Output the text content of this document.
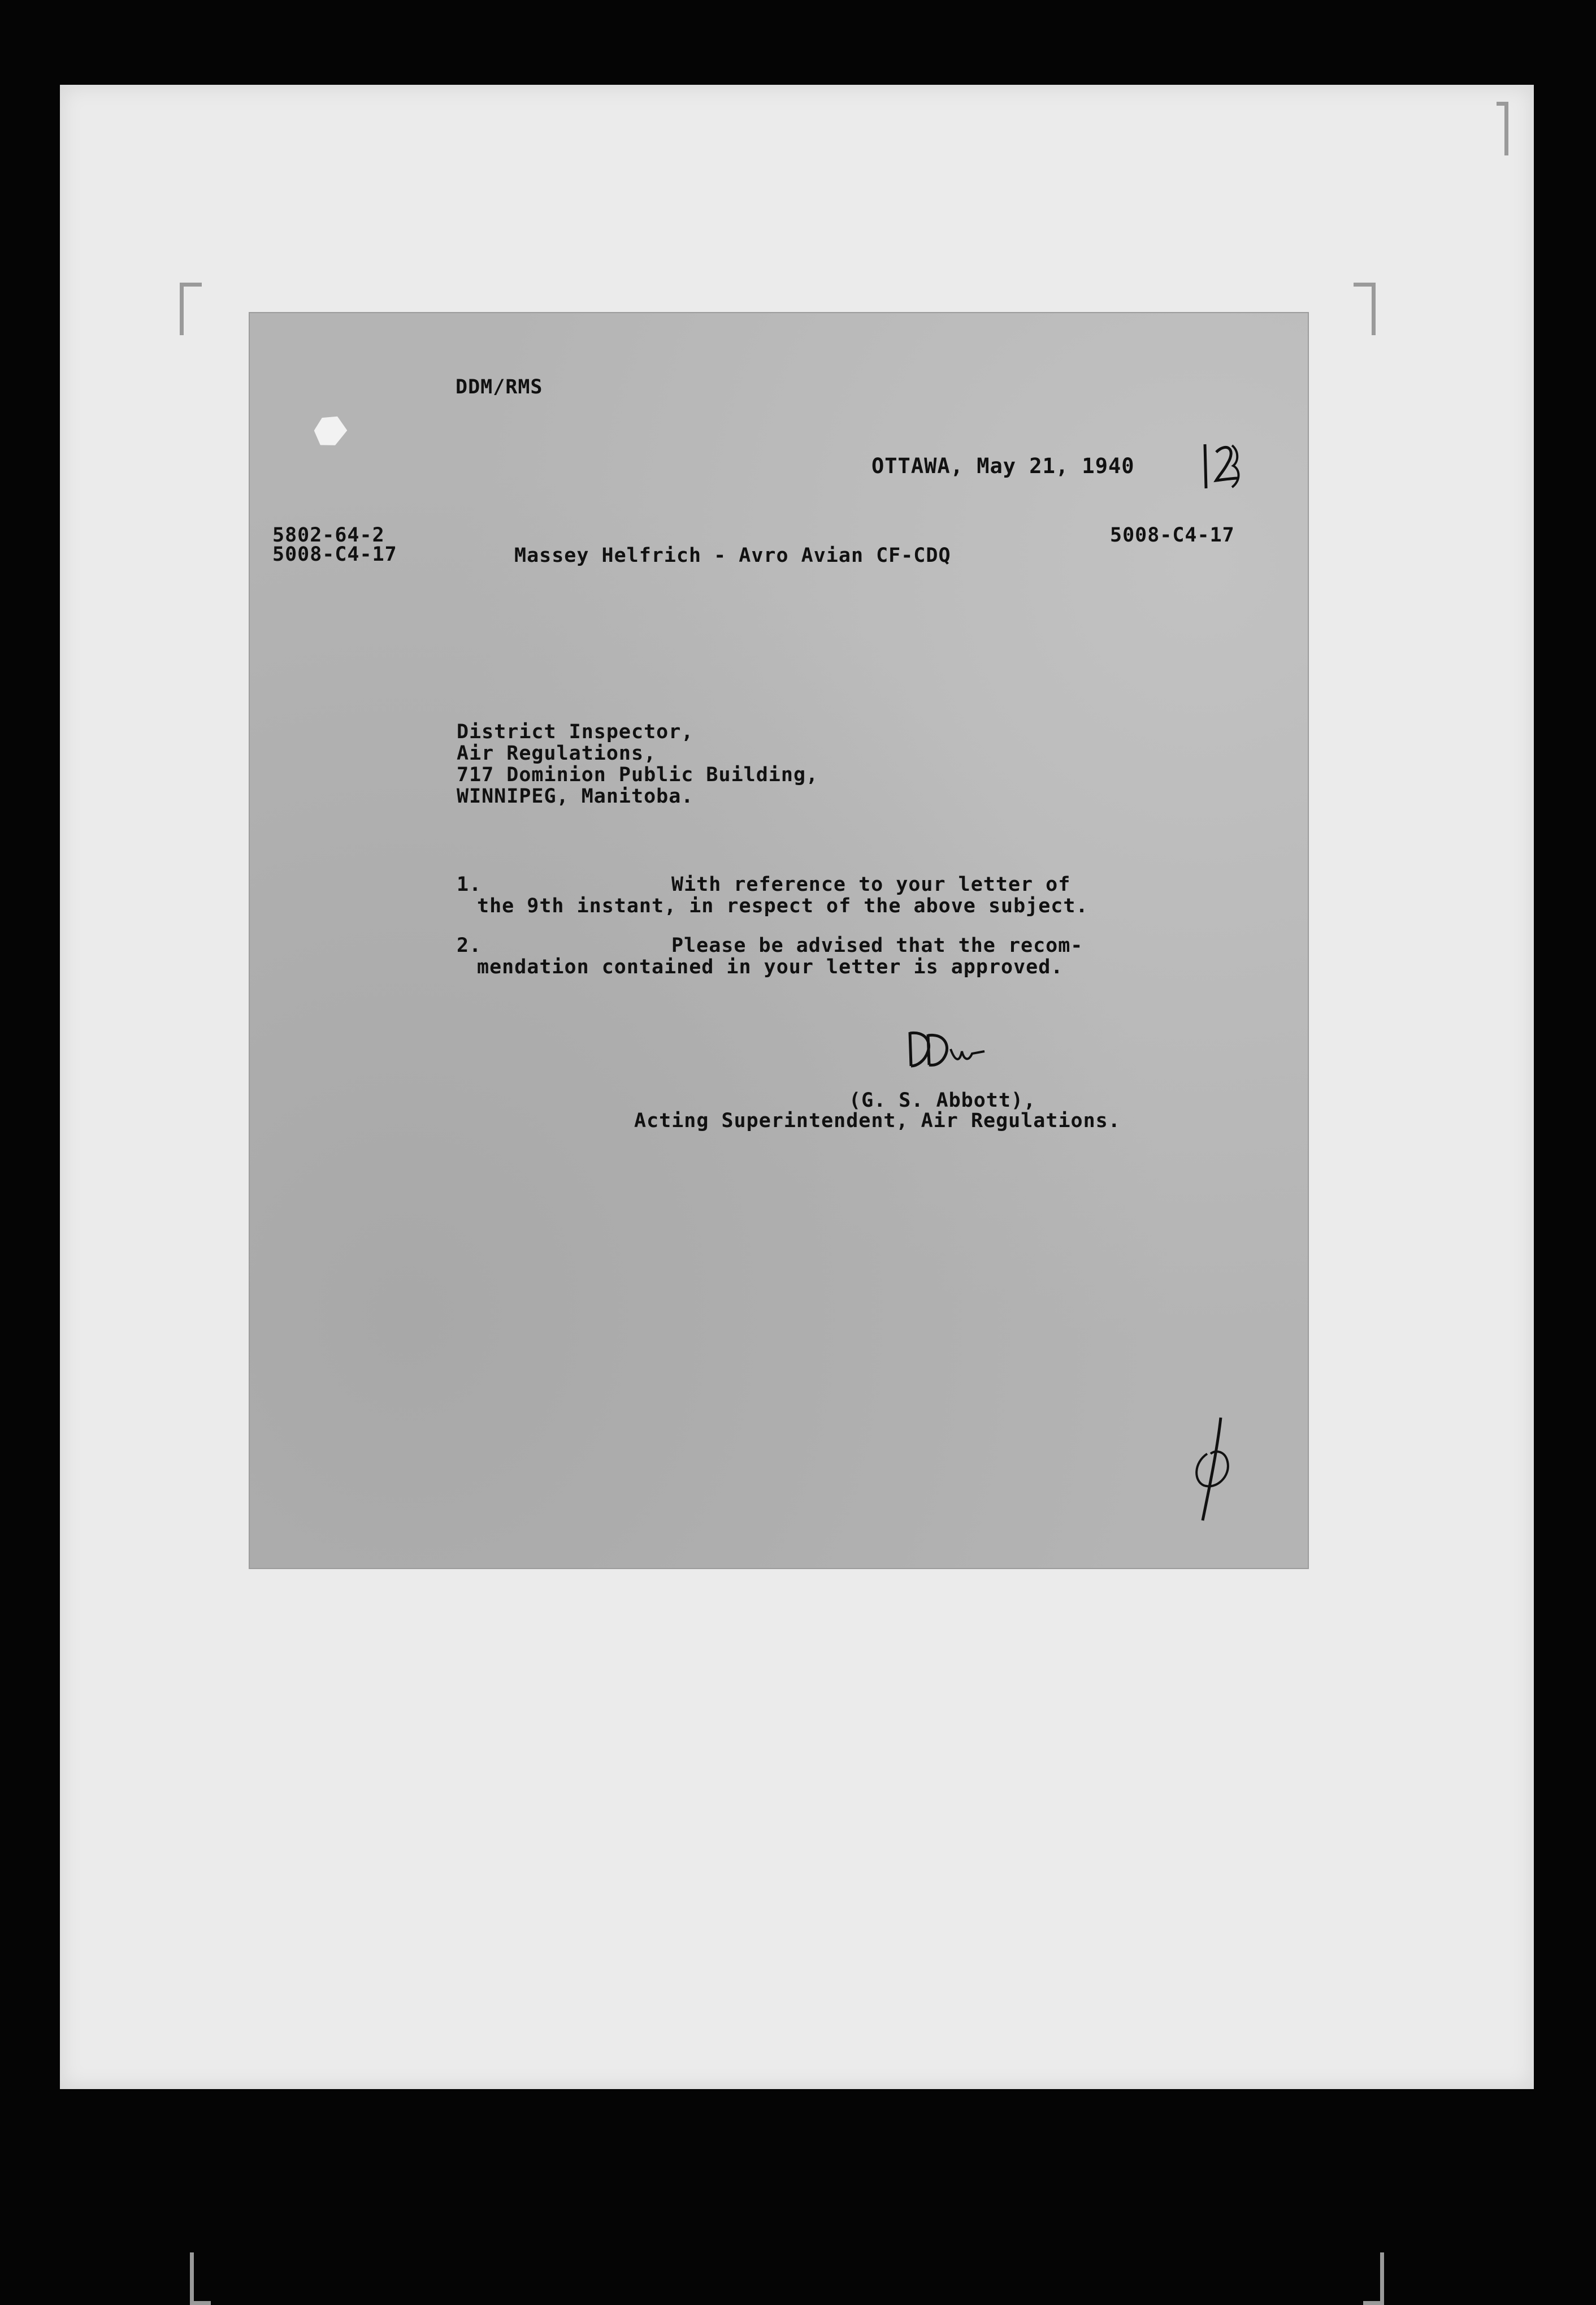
DDM/RMS
OTTAWA, May 21, 1940
5802-64-2
5008-C4-17
5008-C4-17
Massey Helfrich - Avro Avian CF-CDQ
District Inspector,
Air Regulations,
717 Dominion Public Building,
WINNIPEG, Manitoba.
1.	With reference to your letter of
the 9th instant, in respect of the above subject.
2.	Please be advised that the recom-
mendation contained in your letter is approved.
(G. S. Abbott),
Acting Superintendent, Air Regulations.
